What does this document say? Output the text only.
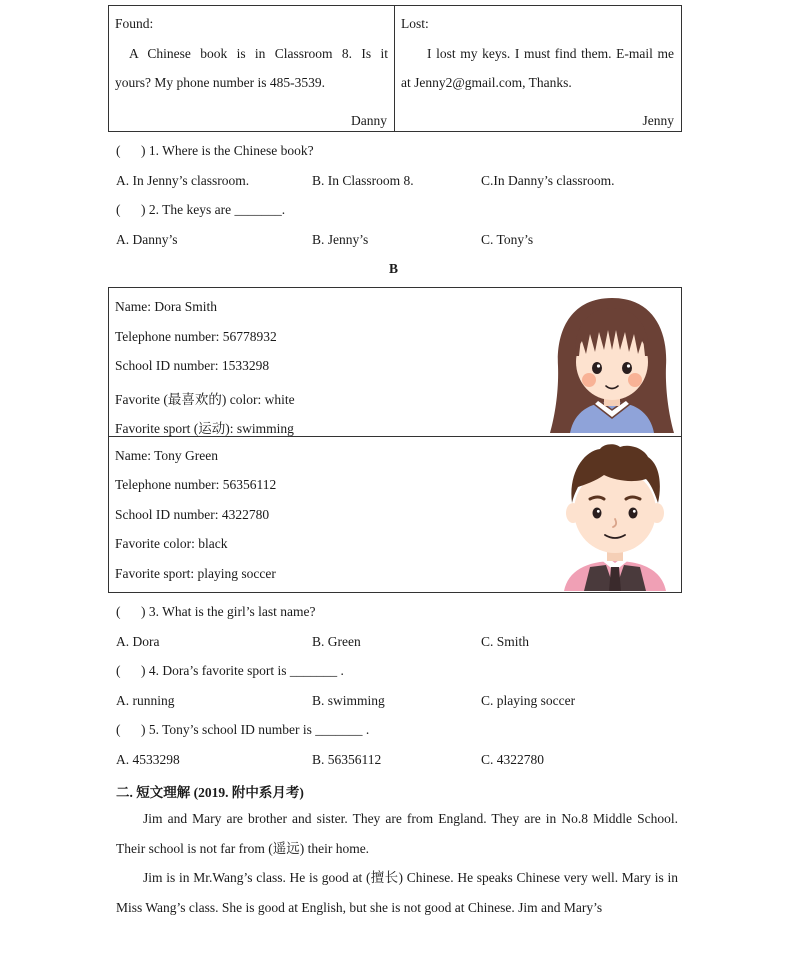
Found:
A Chinese book is in Classroom 8. Is it
yours? My phone number is 485-3539.
Danny
Lost:
I lost my keys. I must find them. E-mail me
at Jenny2@gmail.com, Thanks.
Jenny
( ) 1. Where is the Chinese book?
A. In Jenny’s classroom.	B. In Classroom 8.	C.In Danny’s classroom.
( ) 2. The keys are _______.
A. Danny’s	B. Jenny’s	C. Tony’s
B
Name: Dora Smith
Telephone number: 56778932
School ID number: 1533298
Favorite (最喜欢的) color: white
Favorite sport (运动): swimming
Name: Tony Green
Telephone number: 56356112
School ID number: 4322780
Favorite color: black
Favorite sport: playing soccer
( ) 3. What is the girl’s last name?
A. Dora	B. Green	C. Smith
( ) 4. Dora’s favorite sport is _______ .
A. running	B. swimming	C. playing soccer
( ) 5. Tony’s school ID number is _______ .
A. 4533298	B. 56356112	C. 4322780
二. 短文理解 (2019. 附中系月考)
Jim and Mary are brother and sister. They are from England. They are in No.8 Middle School. Their school is not far from (遥远) their home.
Jim is in Mr.Wang’s class. He is good at (擅长) Chinese. He speaks Chinese very well. Mary is in Miss Wang’s class. She is good at English, but she is not good at Chinese. Jim and Mary’s
